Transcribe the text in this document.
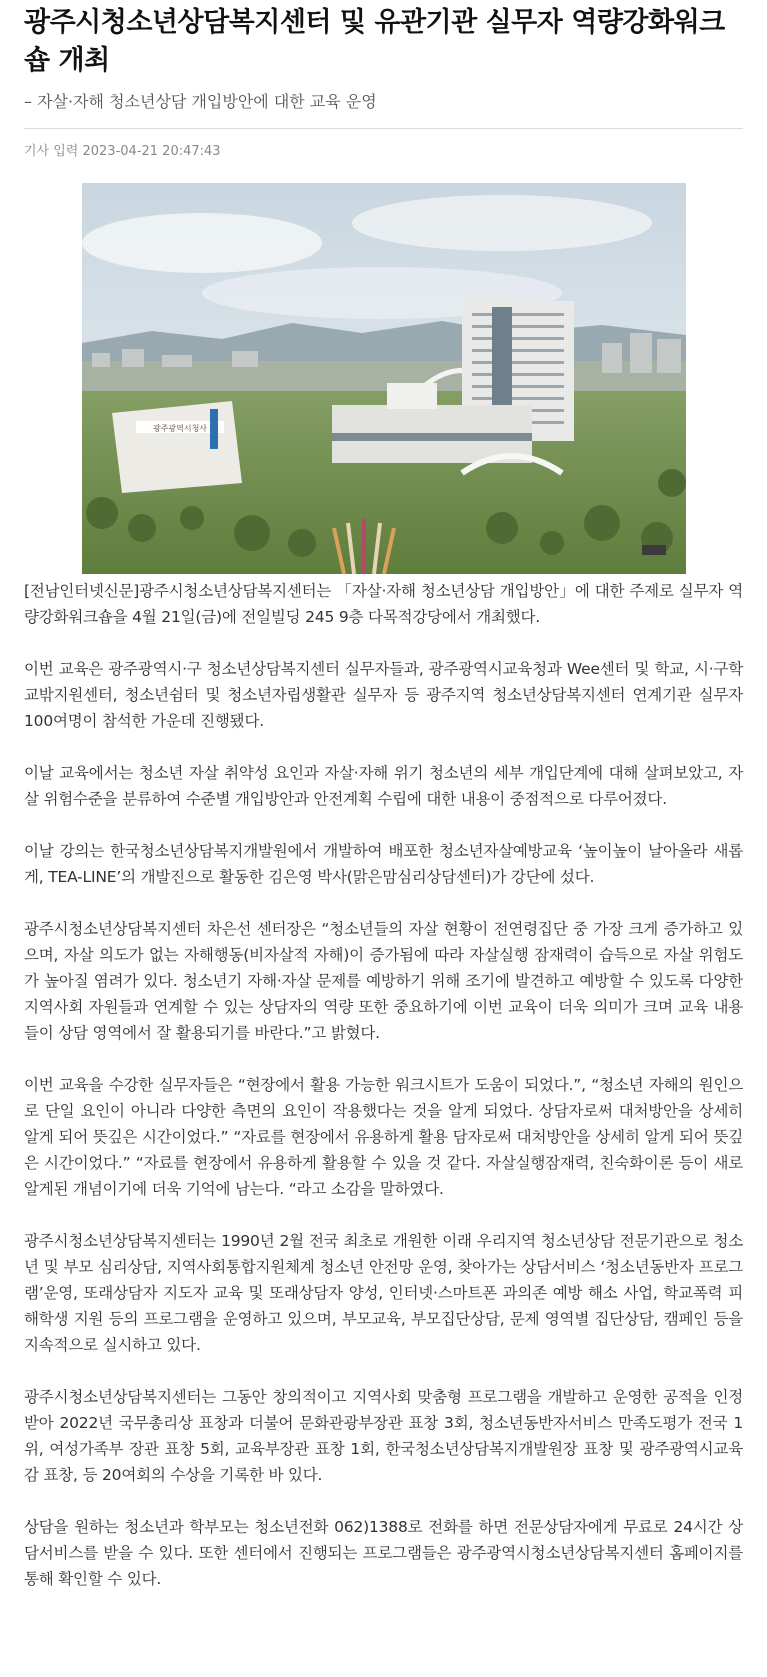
광주시청소년상담복지센터 및 유관기관 실무자 역량강화워크숍 개최
– 자살·자해 청소년상담 개입방안에 대한 교육 운영
기사 입력 2023-04-21 20:47:43
광주광역시청사

[전남인터넷신문]광주시청소년상담복지센터는 「자살·자해 청소년상담 개입방안」에 대한 주제로 실무자 역량강화워크숍을 4월 21일(금)에 전일빌딩 245 9층 다목적강당에서 개최했다.

이번 교육은 광주광역시·구 청소년상담복지센터 실무자들과, 광주광역시교육청과 Wee센터 및 학교, 시·구학교밖지원센터, 청소년쉼터 및 청소년자립생활관 실무자 등 광주지역 청소년상담복지센터 연계기관 실무자 100여명이 참석한 가운데 진행됐다.

이날 교육에서는 청소년 자살 취약성 요인과 자살·자해 위기 청소년의 세부 개입단계에 대해 살펴보았고, 자살 위험수준을 분류하여 수준별 개입방안과 안전계획 수립에 대한 내용이 중점적으로 다루어졌다.

이날 강의는 한국청소년상담복지개발원에서 개발하여 배포한 청소년자살예방교육 ‘높이높이 날아올라 새롭게, TEA-LINE’의 개발진으로 활동한 김은영 박사(맑은맘심리상담센터)가 강단에 섰다.

광주시청소년상담복지센터 차은선 센터장은 “청소년들의 자살 현황이 전연령집단 중 가장 크게 증가하고 있으며, 자살 의도가 없는 자해행동(비자살적 자해)이 증가됨에 따라 자살실행 잠재력이 습득으로 자살 위험도가 높아질 염려가 있다. 청소년기 자해·자살 문제를 예방하기 위해 조기에 발견하고 예방할 수 있도록 다양한 지역사회 자원들과 연계할 수 있는 상담자의 역량 또한 중요하기에 이번 교육이 더욱 의미가 크며 교육 내용들이 상담 영역에서 잘 활용되기를 바란다.”고 밝혔다.

이번 교육을 수강한 실무자들은 “현장에서 활용 가능한 워크시트가 도움이 되었다.”, “청소년 자해의 원인으로 단일 요인이 아니라 다양한 측면의 요인이 작용했다는 것을 알게 되었다. 상담자로써 대처방안을 상세히 알게 되어 뜻깊은 시간이었다.” “자료를 현장에서 유용하게 활용 담자로써 대처방안을 상세히 알게 되어 뜻깊은 시간이었다.” “자료를 현장에서 유용하게 활용할 수 있을 것 같다. 자살실행잠재력, 친숙화이론 등이 새로 알게된 개념이기에 더욱 기억에 남는다. “라고 소감을 말하였다.

광주시청소년상담복지센터는 1990년 2월 전국 최초로 개원한 이래 우리지역 청소년상담 전문기관으로 청소년 및 부모 심리상담, 지역사회통합지원체계 청소년 안전망 운영, 찾아가는 상담서비스 ‘청소년동반자 프로그램’운영, 또래상담자 지도자 교육 및 또래상담자 양성, 인터넷·스마트폰 과의존 예방 해소 사업, 학교폭력 피해학생 지원 등의 프로그램을 운영하고 있으며, 부모교육, 부모집단상담, 문제 영역별 집단상담, 캠페인 등을 지속적으로 실시하고 있다.

광주시청소년상담복지센터는 그동안 창의적이고 지역사회 맞춤형 프로그램을 개발하고 운영한 공적을 인정받아 2022년 국무총리상 표창과 더불어 문화관광부장관 표창 3회, 청소년동반자서비스 만족도평가 전국 1위, 여성가족부 장관 표창 5회, 교육부장관 표창 1회, 한국청소년상담복지개발원장 표창 및 광주광역시교육감 표창, 등 20여회의 수상을 기록한 바 있다.

상담을 원하는 청소년과 학부모는 청소년전화 062)1388로 전화를 하면 전문상담자에게 무료로 24시간 상담서비스를 받을 수 있다. 또한 센터에서 진행되는 프로그램들은 광주광역시청소년상담복지센터 홈페이지를 통해 확인할 수 있다.
